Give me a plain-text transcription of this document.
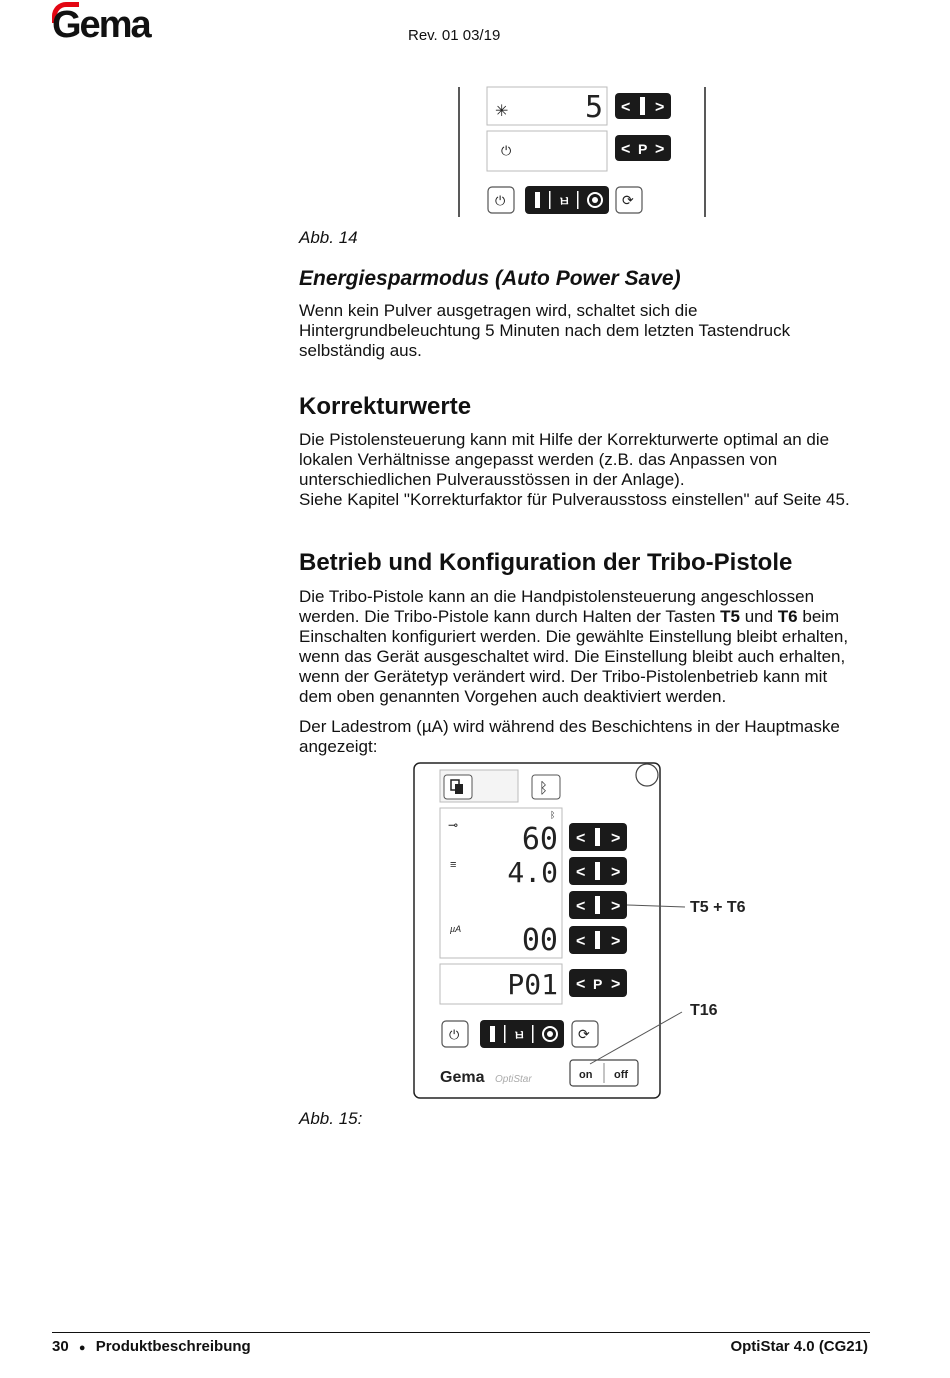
Gema	Rev. 01 03/19
✳	5 < >
⏻	< P >
⏻	ㅂ	⟳
Abb. 14
Energiesparmodus (Auto Power Save)
Wenn kein Pulver ausgetragen wird, schaltet sich die
Hintergrundbeleuchtung 5 Minuten nach dem letzten Tastendruck
selbständig aus.
Korrekturwerte
Die Pistolensteuerung kann mit Hilfe der Korrekturwerte optimal an die
lokalen Verhältnisse angepasst werden (z.B. das Anpassen von
unterschiedlichen Pulverausstössen in der Anlage).
Siehe Kapitel "Korrekturfaktor für Pulverausstoss einstellen" auf Seite 45.
Betrieb und Konfiguration der Tribo-Pistole
Die Tribo-Pistole kann an die Handpistolensteuerung angeschlossen
werden. Die Tribo-Pistole kann durch Halten der Tasten T5 und T6 beim
Einschalten konfiguriert werden. Die gewählte Einstellung bleibt erhalten,
wenn das Gerät ausgeschaltet wird. Die Einstellung bleibt auch erhalten,
wenn der Gerätetyp verändert wird. Der Tribo-Pistolenbetrieb kann mit
dem oben genannten Vorgehen auch deaktiviert werden.
Der Ladestrom (µA) wird während des Beschichtens in der Hauptmaske
angezeigt:
ᛒ
ᛒ
⊸
≡
µA
60
4.0
00
< >
< >
< >
< >
P01 < P >
⏻	ㅂ	⟳
Gema OptiStar	on off
T5 + T6
T16
Abb. 15:
30 ● Produktbeschreibung	OptiStar 4.0 (CG21)
